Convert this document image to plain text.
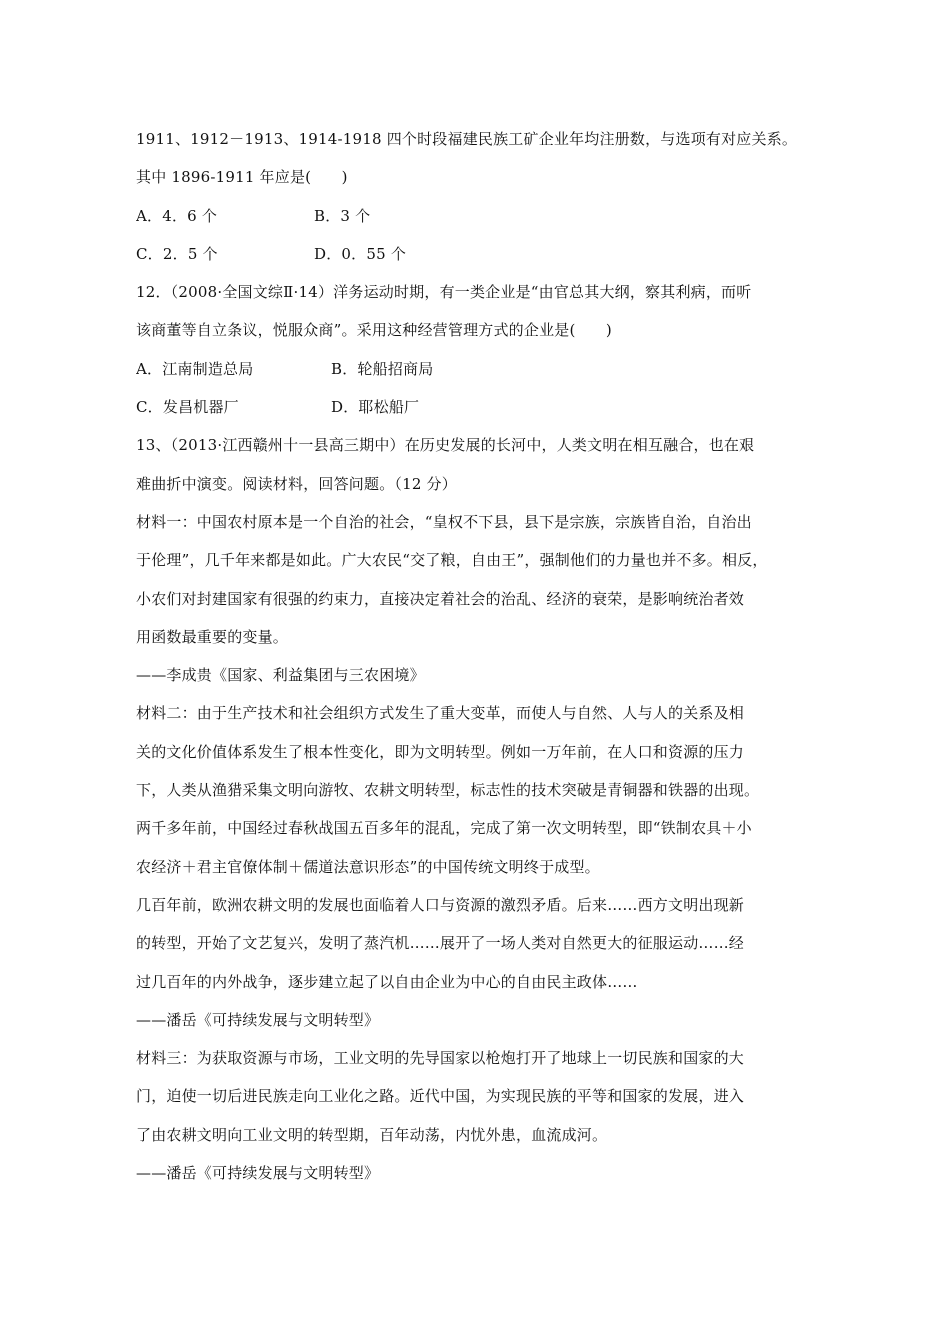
1911、1912－1913、1914-1918 四个时段福建民族工矿企业年均注册数，与选项有对应关系。
其中 1896-1911 年应是(　　)
A．4．6 个	B．3 个
C．2．5 个	D．0．55 个
12．（2008·全国文综Ⅱ·14）洋务运动时期，有一类企业是“由官总其大纲，察其利病，而听
该商董等自立条议，悦服众商”。采用这种经营管理方式的企业是(　　)
A．江南制造总局	B．轮船招商局
C．发昌机器厂	D．耶松船厂
13、（2013·江西赣州十一县高三期中）在历史发展的长河中，人类文明在相互融合，也在艰
难曲折中演变。阅读材料，回答问题。（12 分）
材料一：中国农村原本是一个自治的社会，“皇权不下县，县下是宗族，宗族皆自治，自治出
于伦理”，几千年来都是如此。广大农民“交了粮，自由王”，强制他们的力量也并不多。相反，
小农们对封建国家有很强的约束力，直接决定着社会的治乱、经济的衰荣，是影响统治者效
用函数最重要的变量。
——李成贵《国家、利益集团与三农困境》
材料二：由于生产技术和社会组织方式发生了重大变革，而使人与自然、人与人的关系及相
关的文化价值体系发生了根本性变化，即为文明转型。例如一万年前，在人口和资源的压力
下，人类从渔猎采集文明向游牧、农耕文明转型，标志性的技术突破是青铜器和铁器的出现。
两千多年前，中国经过春秋战国五百多年的混乱，完成了第一次文明转型，即“铁制农具＋小
农经济＋君主官僚体制＋儒道法意识形态”的中国传统文明终于成型。
几百年前，欧洲农耕文明的发展也面临着人口与资源的激烈矛盾。后来……西方文明出现新
的转型，开始了文艺复兴，发明了蒸汽机……展开了一场人类对自然更大的征服运动……经
过几百年的内外战争，逐步建立起了以自由企业为中心的自由民主政体……
——潘岳《可持续发展与文明转型》
材料三：为获取资源与市场，工业文明的先导国家以枪炮打开了地球上一切民族和国家的大
门，迫使一切后进民族走向工业化之路。近代中国，为实现民族的平等和国家的发展，进入
了由农耕文明向工业文明的转型期，百年动荡，内忧外患，血流成河。
——潘岳《可持续发展与文明转型》
